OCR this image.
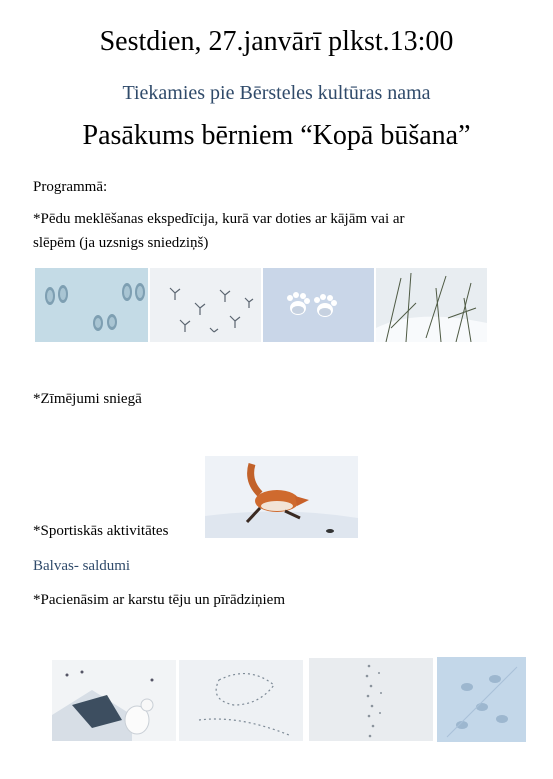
Sestdien, 27.janvārī plkst.13:00
Tiekamies pie Bērsteles kultūras nama
Pasākums bērniem “Kopā būšana”
Programmā:
*Pēdu meklēšanas ekspedīcija, kurā var doties ar kājām vai ar
slēpēm (ja uzsnigs sniedziņš)
*Zīmējumi sniegā
*Sportiskās aktivitātes
Balvas- saldumi
*Pacienāsim ar karstu tēju un pīrādziņiem
